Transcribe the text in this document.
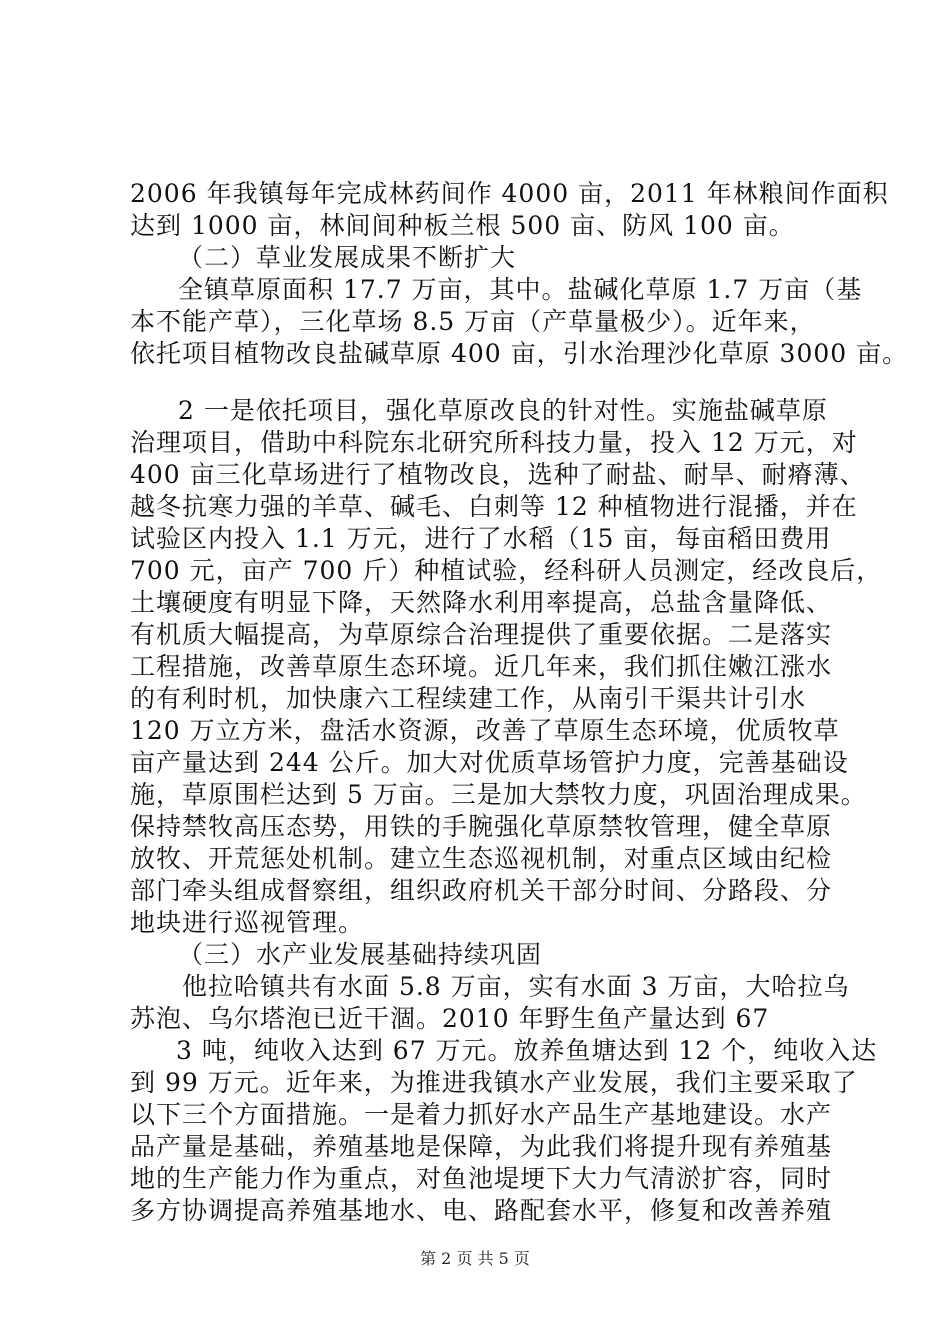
2006 年我镇每年完成林药间作 4000 亩，2011 年林粮间作面积
达到 1000 亩，林间间种板兰根 500 亩、防风 100 亩。
（二）草业发展成果不断扩大
全镇草原面积 17.7 万亩，其中。盐碱化草原 1.7 万亩（基
本不能产草），三化草场 8.5 万亩（产草量极少）。近年来，
依托项目植物改良盐碱草原 400 亩，引水治理沙化草原 3000 亩。
2 一是依托项目，强化草原改良的针对性。实施盐碱草原
治理项目，借助中科院东北研究所科技力量，投入 12 万元，对
400 亩三化草场进行了植物改良，选种了耐盐、耐旱、耐瘠薄、
越冬抗寒力强的羊草、碱毛、白刺等 12 种植物进行混播，并在
试验区内投入 1.1 万元，进行了水稻（15 亩，每亩稻田费用
700 元，亩产 700 斤）种植试验，经科研人员测定，经改良后，
土壤硬度有明显下降，天然降水利用率提高，总盐含量降低、
有机质大幅提高，为草原综合治理提供了重要依据。二是落实
工程措施，改善草原生态环境。近几年来，我们抓住嫩江涨水
的有利时机，加快康六工程续建工作，从南引干渠共计引水
120 万立方米，盘活水资源，改善了草原生态环境，优质牧草
亩产量达到 244 公斤。加大对优质草场管护力度，完善基础设
施，草原围栏达到 5 万亩。三是加大禁牧力度，巩固治理成果。
保持禁牧高压态势，用铁的手腕强化草原禁牧管理，健全草原
放牧、开荒惩处机制。建立生态巡视机制，对重点区域由纪检
部门牵头组成督察组，组织政府机关干部分时间、分路段、分
地块进行巡视管理。
（三）水产业发展基础持续巩固
他拉哈镇共有水面 5.8 万亩，实有水面 3 万亩，大哈拉乌
苏泡、乌尔塔泡已近干涸。2010 年野生鱼产量达到 67
3 吨，纯收入达到 67 万元。放养鱼塘达到 12 个，纯收入达
到 99 万元。近年来，为推进我镇水产业发展，我们主要采取了
以下三个方面措施。一是着力抓好水产品生产基地建设。水产
品产量是基础，养殖基地是保障，为此我们将提升现有养殖基
地的生产能力作为重点，对鱼池堤埂下大力气清淤扩容，同时
多方协调提高养殖基地水、电、路配套水平，修复和改善养殖
第 2 页 共 5 页
